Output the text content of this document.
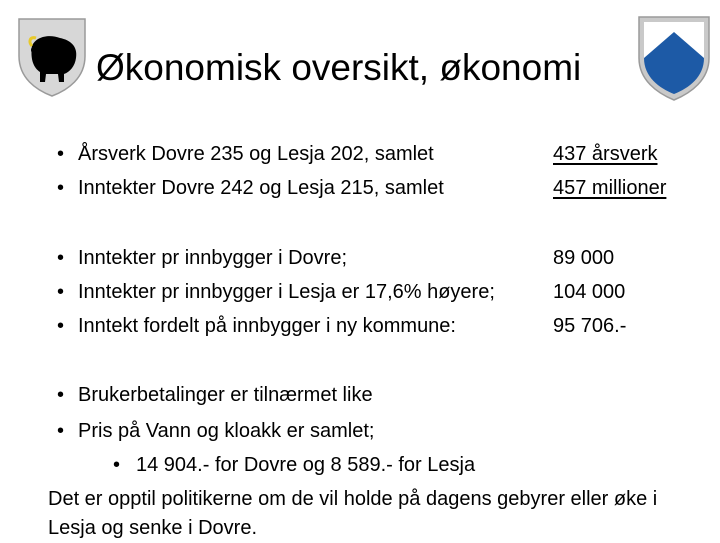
Økonomisk oversikt, økonomi
• Årsverk Dovre 235 og Lesja 202, samlet	437 årsverk
• Inntekter Dovre 242 og Lesja 215, samlet	457 millioner
• Inntekter pr innbygger i Dovre;	89 000
• Inntekter pr innbygger i Lesja er 17,6% høyere;	104 000
• Inntekt fordelt på innbygger i ny kommune:	95 706.-
• Brukerbetalinger er tilnærmet like
• Pris på Vann og kloakk er samlet;
• 14 904.- for Dovre og 8 589.- for Lesja
Det er opptil politikerne om de vil holde på dagens gebyrer eller øke i Lesja og senke i Dovre.
